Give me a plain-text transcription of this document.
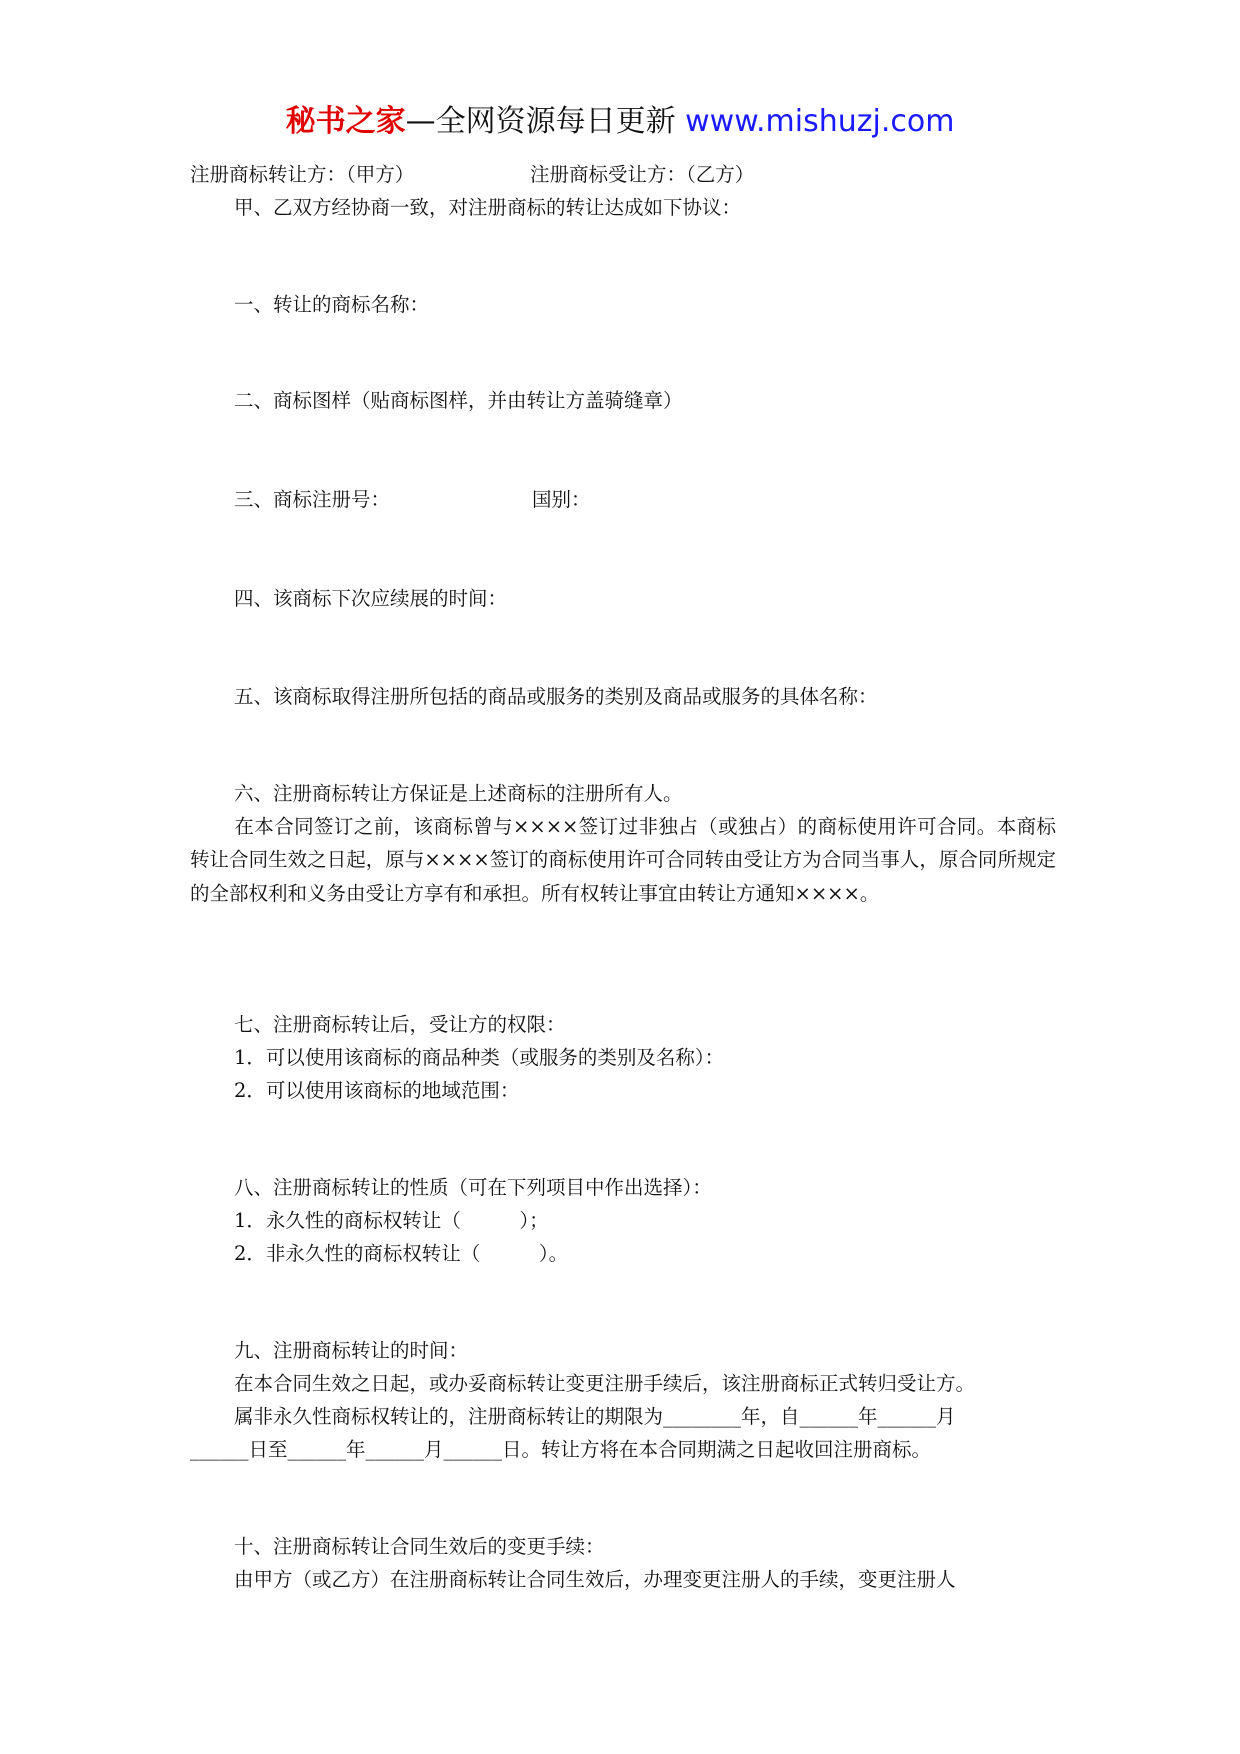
秘书之家—全网资源每日更新 www.mishuzj.com
注册商标转让方：（甲方）	注册商标受让方：（乙方）
甲、乙双方经协商一致，对注册商标的转让达成如下协议：
一、转让的商标名称：
二、商标图样（贴商标图样，并由转让方盖骑缝章）
三、商标注册号：	国别：
四、该商标下次应续展的时间：
五、该商标取得注册所包括的商品或服务的类别及商品或服务的具体名称：
六、注册商标转让方保证是上述商标的注册所有人。
在本合同签订之前，该商标曾与××××签订过非独占（或独占）的商标使用许可合同。本商标转让合同生效之日起，原与××××签订的商标使用许可合同转由受让方为合同当事人，原合同所规定的全部权利和义务由受让方享有和承担。所有权转让事宜由转让方通知××××。
七、注册商标转让后，受让方的权限：
1．可以使用该商标的商品种类（或服务的类别及名称）：
2．可以使用该商标的地域范围：
八、注册商标转让的性质（可在下列项目中作出选择）：
1．永久性的商标权转让（　　　）；
2．非永久性的商标权转让（　　　）。
九、注册商标转让的时间：
在本合同生效之日起，或办妥商标转让变更注册手续后，该注册商标正式转归受让方。
属非永久性商标权转让的，注册商标转让的期限为________年，自______年______月
______日至______年______月______日。转让方将在本合同期满之日起收回注册商标。
十、注册商标转让合同生效后的变更手续：
由甲方（或乙方）在注册商标转让合同生效后，办理变更注册人的手续，变更注册人
